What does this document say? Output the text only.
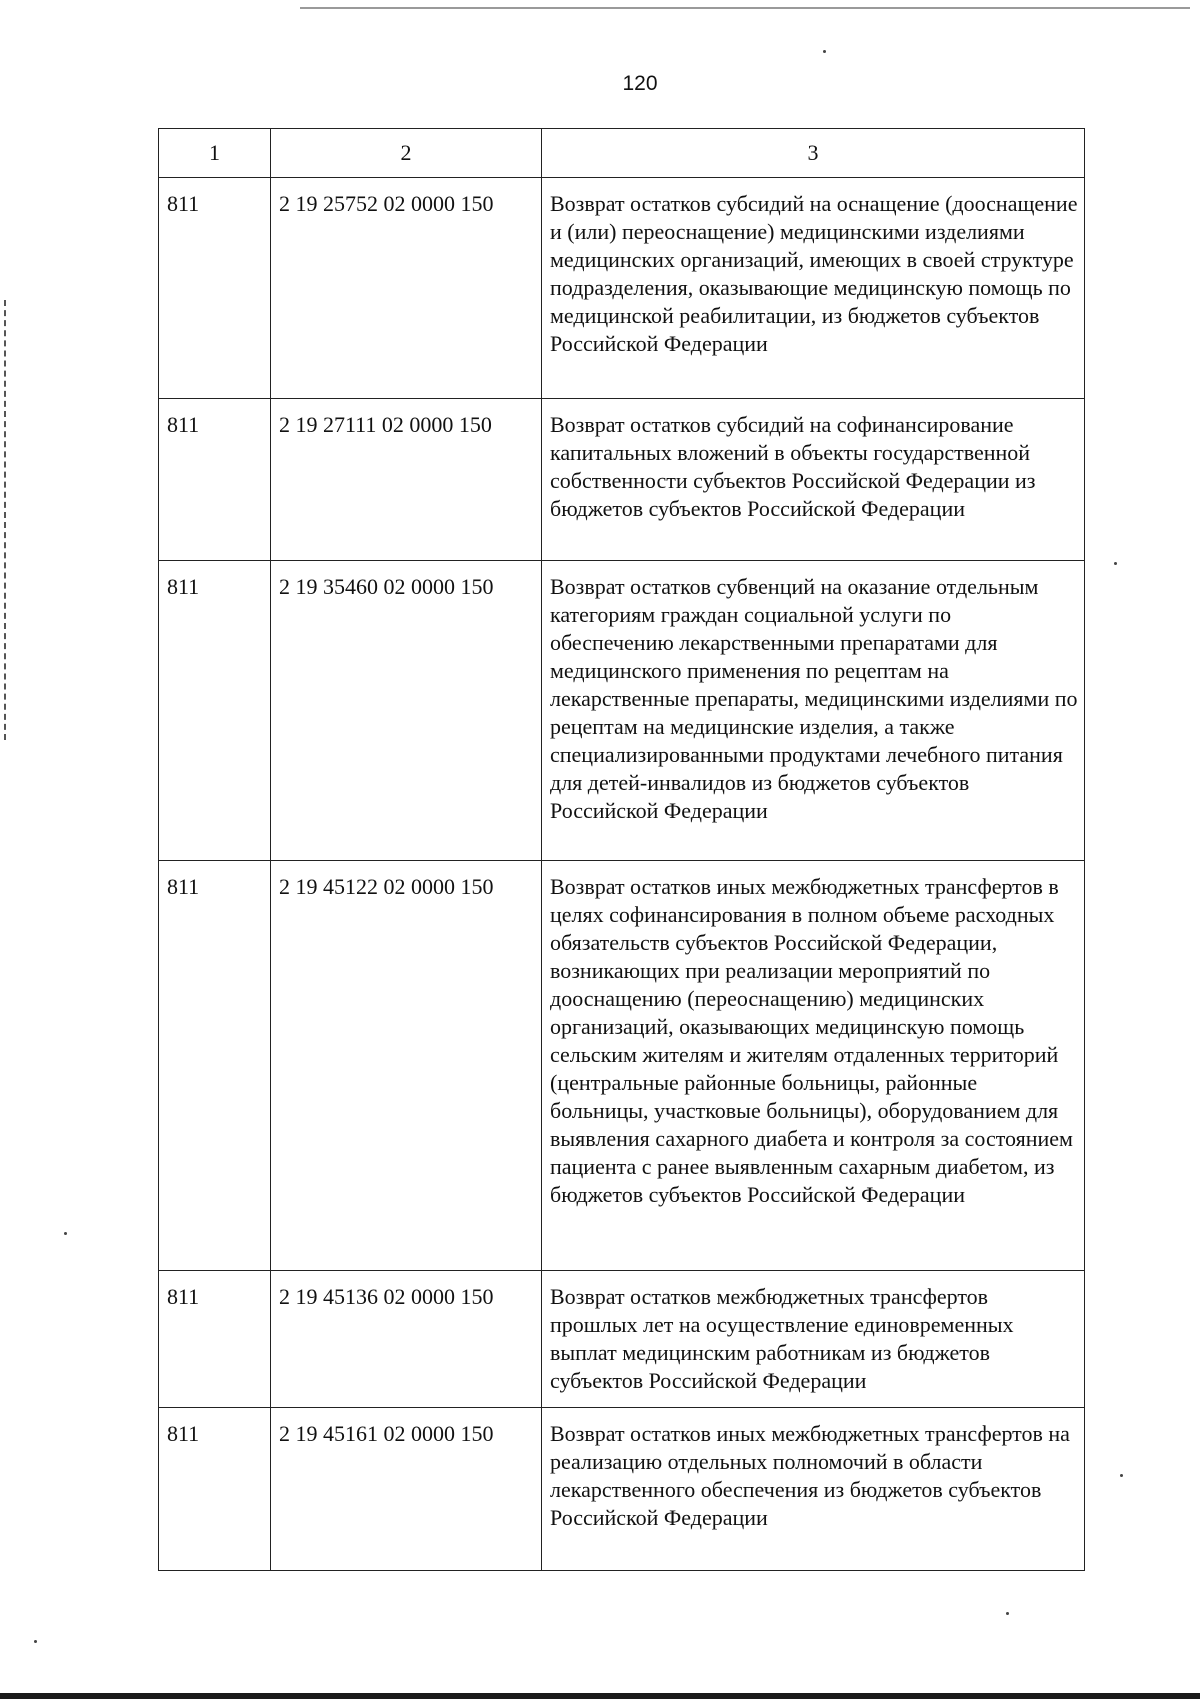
120
1	2	3
811	2 19 25752 02 0000 150	Возврат остатков субсидий на оснащение (дооснащение и (или) переоснащение) медицинскими изделиями медицинских организаций, имеющих в своей структуре подразделения, оказывающие медицинскую помощь по медицинской реабилитации, из бюджетов субъектов Российской Федерации
811	2 19 27111 02 0000 150	Возврат остатков субсидий на софинансирование капитальных вложений в объекты государственной собственности субъектов Российской Федерации из бюджетов субъектов Российской Федерации
811	2 19 35460 02 0000 150	Возврат остатков субвенций на оказание отдельным категориям граждан социальной услуги по обеспечению лекарственными препаратами для медицинского применения по рецептам на лекарственные препараты, медицинскими изделиями по рецептам на медицинские изделия, а также специализированными продуктами лечебного питания для детей-инвалидов из бюджетов субъектов Российской Федерации
811	2 19 45122 02 0000 150	Возврат остатков иных межбюджетных трансфертов в целях софинансирования в полном объеме расходных обязательств субъектов Российской Федерации, возникающих при реализации мероприятий по дооснащению (переоснащению) медицинских организаций, оказывающих медицинскую помощь сельским жителям и жителям отдаленных территорий (центральные районные больницы, районные больницы, участковые больницы), оборудованием для выявления сахарного диабета и контроля за состоянием пациента с ранее выявленным сахарным диабетом, из бюджетов субъектов Российской Федерации
811	2 19 45136 02 0000 150	Возврат остатков межбюджетных трансфертов прошлых лет на осуществление единовременных выплат медицинским работникам из бюджетов субъектов Российской Федерации
811	2 19 45161 02 0000 150	Возврат остатков иных межбюджетных трансфертов на реализацию отдельных полномочий в области лекарственного обеспечения из бюджетов субъектов Российской Федерации
